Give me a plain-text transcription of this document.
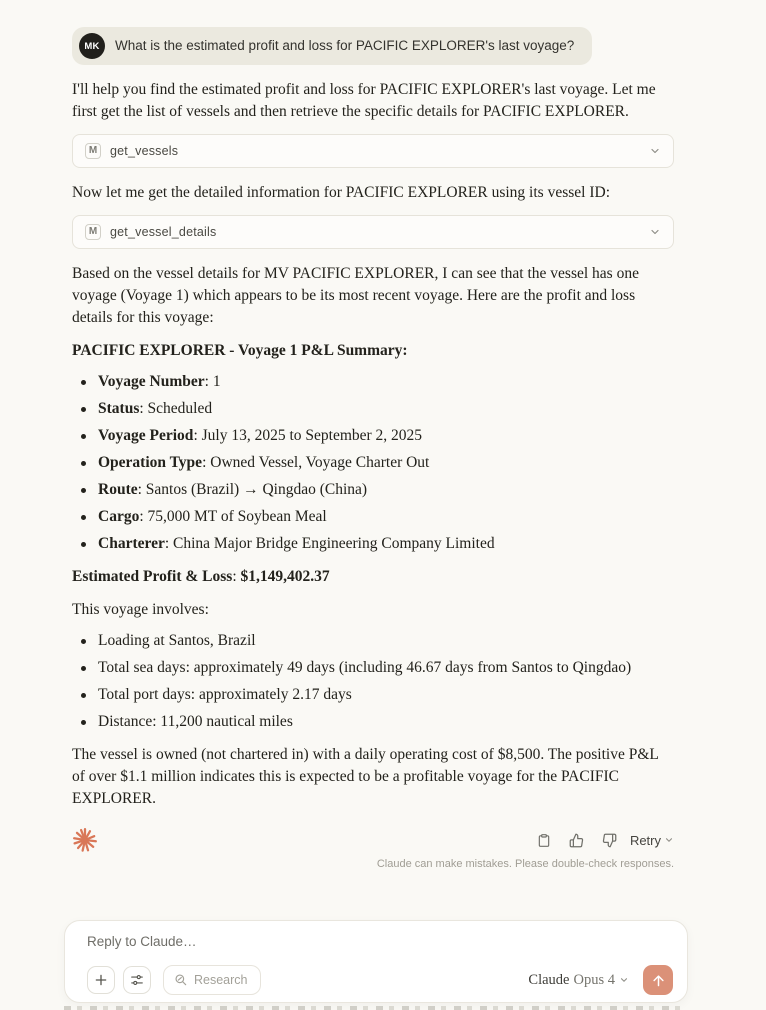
MK What is the estimated profit and loss for PACIFIC EXPLORER's last voyage?

I'll help you find the estimated profit and loss for PACIFIC EXPLORER's last voyage. Let me first get the list of vessels and then retrieve the specific details for PACIFIC EXPLORER.

M	get_vessels

Now let me get the detailed information for PACIFIC EXPLORER using its vessel ID:

M	get_vessel_details

Based on the vessel details for MV PACIFIC EXPLORER, I can see that the vessel has one voyage (Voyage 1) which appears to be its most recent voyage. Here are the profit and loss details for this voyage:

PACIFIC EXPLORER - Voyage 1 P&L Summary:

Voyage Number: 1
Status: Scheduled
Voyage Period: July 13, 2025 to September 2, 2025
Operation Type: Owned Vessel, Voyage Charter Out
Route: Santos (Brazil) → Qingdao (China)
Cargo: 75,000 MT of Soybean Meal
Charterer: China Major Bridge Engineering Company Limited

Estimated Profit & Loss: $1,149,402.37

This voyage involves:

Loading at Santos, Brazil
Total sea days: approximately 49 days (including 46.67 days from Santos to Qingdao)
Total port days: approximately 2.17 days
Distance: 11,200 nautical miles

The vessel is owned (not chartered in) with a daily operating cost of $8,500. The positive P&L of over $1.1 million indicates this is expected to be a profitable voyage for the PACIFIC EXPLORER.

Retry
Claude can make mistakes. Please double-check responses.
Reply to Claude…
Research	Claude Opus 4
